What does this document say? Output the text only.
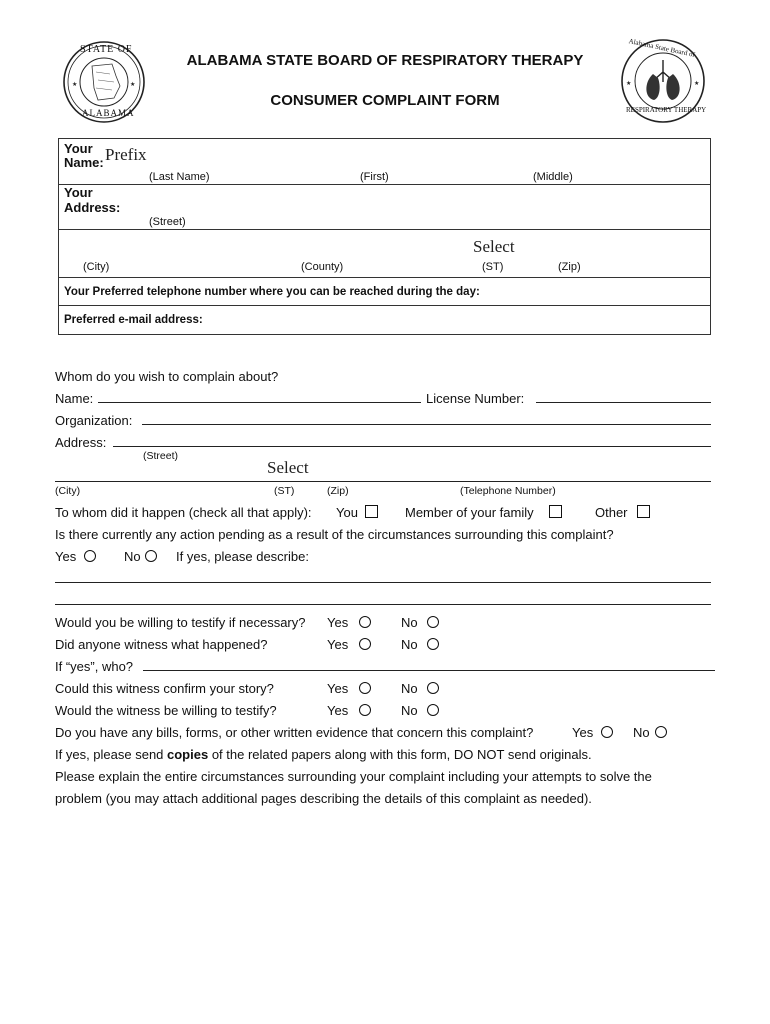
★	★
STATE OF
ALABAMA
★	★
Alabama State Board of
RESPIRATORY THERAPY
ALABAMA STATE BOARD OF RESPIRATORY THERAPY
CONSUMER COMPLAINT FORM
Your
Name: Prefix
(Last Name)	(First)	(Middle)
Your
Address:
(Street)
Select
(City)	(County)	(ST)	(Zip)
Your Preferred telephone number where you can be reached during the day:
Preferred e-mail address:
Whom do you wish to complain about?
Name:	License Number:
Organization:
Address:
(Street)
Select
(City)	(ST)	(Zip)	(Telephone Number)
To whom did it happen (check all that apply): You	Member of your family	Other
Is there currently any action pending as a result of the circumstances surrounding this complaint?
Yes	No	If yes, please describe:
Would you be willing to testify if necessary? Yes	No
Did anyone witness what happened?	Yes	No
If “yes”, who?
Could this witness confirm your story?	Yes	No
Would the witness be willing to testify?	Yes	No
Do you have any bills, forms, or other written evidence that concern this complaint?	Yes	No
If yes, please send copies of the related papers along with this form, DO NOT send originals.
Please explain the entire circumstances surrounding your complaint including your attempts to solve the
problem (you may attach additional pages describing the details of this complaint as needed).
